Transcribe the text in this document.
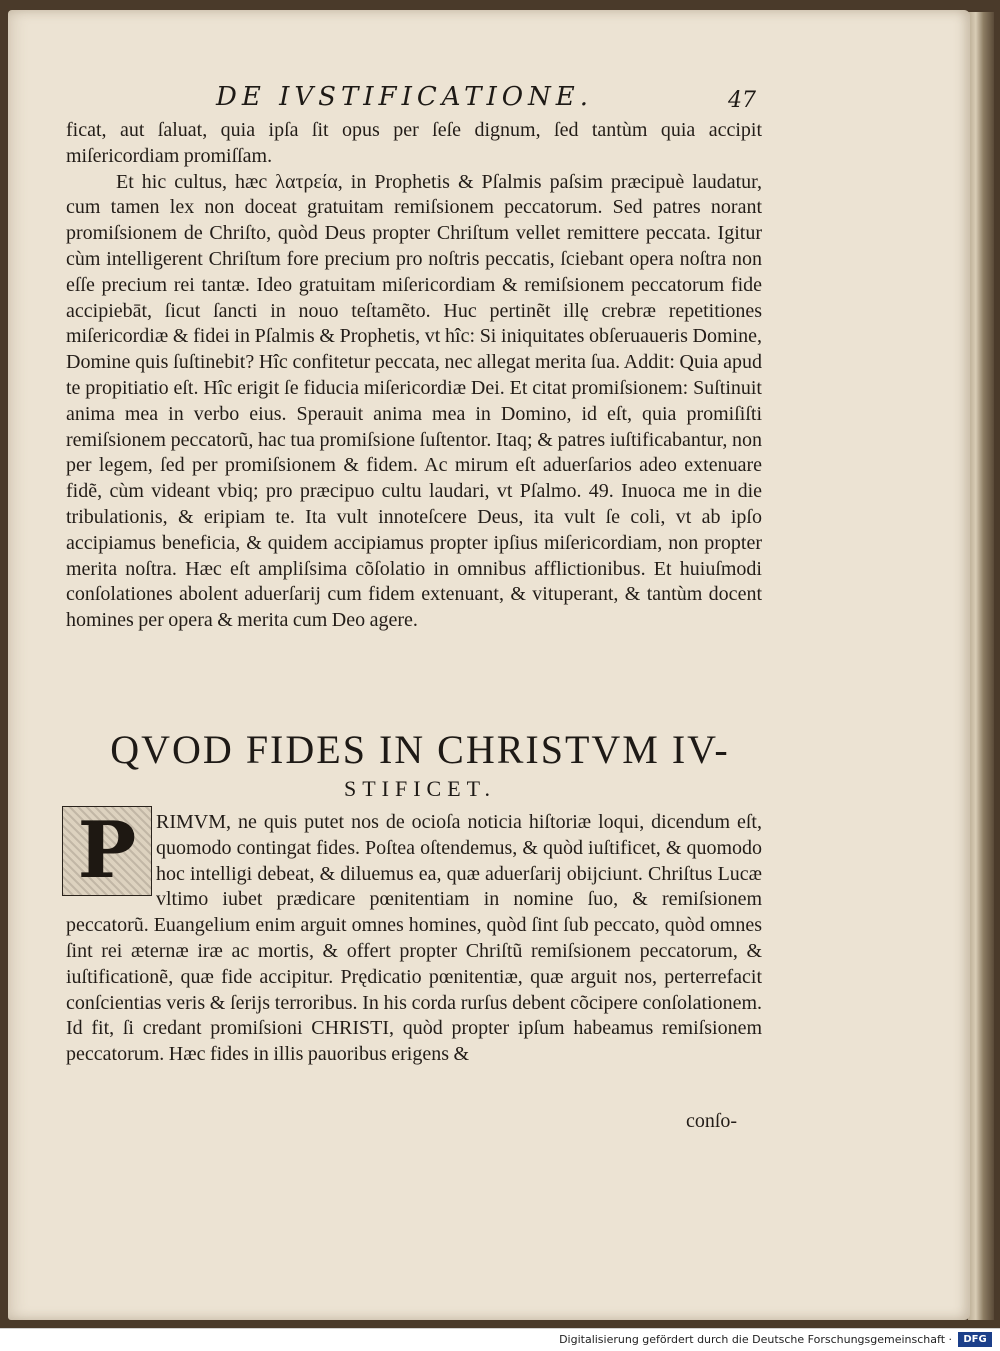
DE IVSTIFICATIONE.	47
ficat, aut ſaluat, quia ipſa ſit opus per ſeſe dignum, ſed tantùm quia accipit miſericordiam promiſſam.
Et hic cultus, hæc λατρεία, in Prophetis & Pſalmis paſsim præcipuè laudatur, cum tamen lex non doceat gratuitam remiſsionem peccatorum. Sed patres norant promiſsionem de Chriſto, quòd Deus propter Chriſtum vellet remittere peccata. Igitur cùm intelligerent Chriſtum fore precium pro noſtris peccatis, ſciebant opera noſtra non eſſe precium rei tantæ. Ideo gratuitam miſericordiam & remiſsionem peccatorum fide accipiebāt, ſicut ſancti in nouo teſtamẽto. Huc pertinẽt illę crebræ repetitiones miſericordiæ & fidei in Pſalmis & Prophetis, vt hîc: Si iniquitates obſeruaueris Domine, Domine quis ſuſtinebit? Hîc confitetur peccata, nec allegat merita ſua. Addit: Quia apud te propitiatio eſt. Hîc erigit ſe fiducia miſericordiæ Dei. Et citat promiſsionem: Suſtinuit anima mea in verbo eius. Sperauit anima mea in Domino, id eſt, quia promiſiſti remiſsionem peccatorũ, hac tua promiſsione ſuſtentor. Itaq; & patres iuſtificabantur, non per legem, ſed per promiſsionem & fidem. Ac mirum eſt aduerſarios adeo extenuare fidẽ, cùm videant vbiq; pro præcipuo cultu laudari, vt Pſalmo. 49. Inuoca me in die tribulationis, & eripiam te. Ita vult innoteſcere Deus, ita vult ſe coli, vt ab ipſo accipiamus beneficia, & quidem accipiamus propter ipſius miſericordiam, non propter merita noſtra. Hæc eſt ampliſsima cõſolatio in omnibus afflictionibus. Et huiuſmodi conſolationes abolent aduerſarij cum fidem extenuant, & vituperant, & tantùm docent homines per opera & merita cum Deo agere.
QVOD FIDES IN CHRISTVM IV-
STIFICET.
RIMVM, ne quis putet nos de ocioſa noticia hiſtoriæ loqui, dicendum eſt, quomodo contingat fides. Poſtea oſtendemus, & quòd iuſtificet, & quomodo hoc intelligi debeat, & diluemus ea, quæ aduerſarij obijciunt. Chriſtus Lucæ vltimo iubet prædicare pœnitentiam in nomine ſuo, & remiſsionem peccatorũ. Euangelium enim arguit omnes homines, quòd ſint ſub peccato, quòd omnes ſint rei æternæ iræ ac mortis, & offert propter Chriſtũ remiſsionem peccatorum, & iuſtificationẽ, quæ fide accipitur. Prędicatio pœnitentiæ, quæ arguit nos, perterrefacit conſcientias veris & ſerijs terroribus. In his corda rurſus debent cõcipere conſolationem. Id fit, ſi credant promiſsioni CHRISTI, quòd propter ipſum habeamus remiſsionem peccatorum. Hæc fides in illis pauoribus erigens &
P
conſo-
Digitalisierung gefördert durch die Deutsche Forschungsgemeinschaft ·	DFG
